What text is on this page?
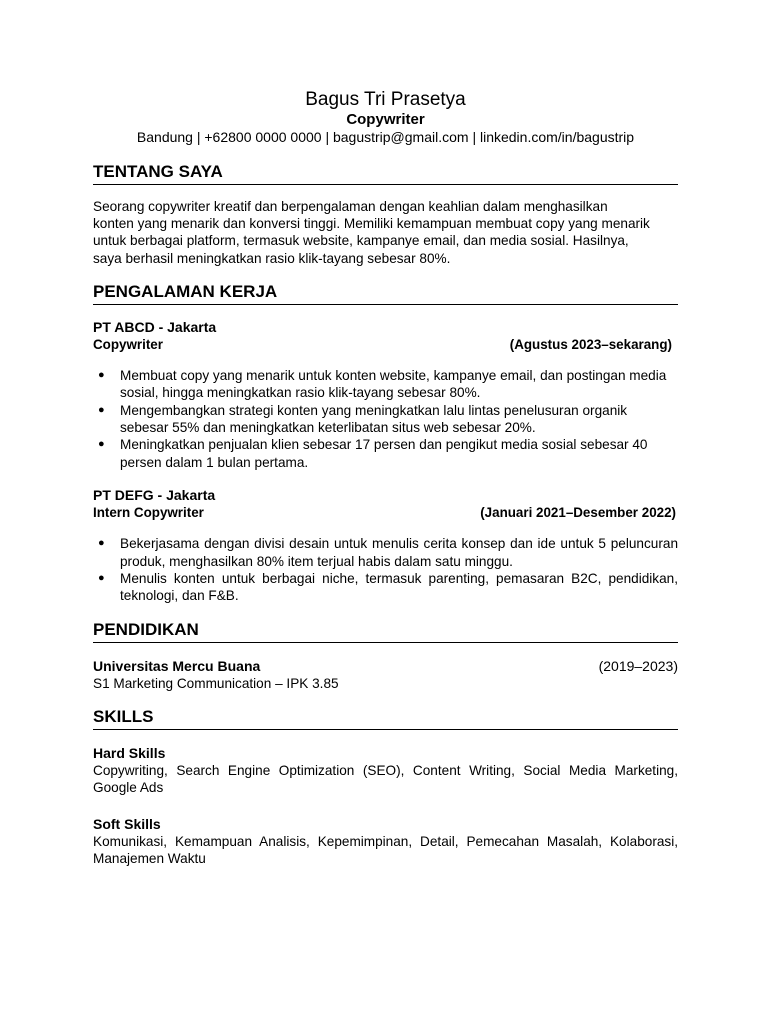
Bagus Tri Prasetya
Copywriter
Bandung | +62800 0000 0000 | bagustrip@gmail.com | linkedin.com/in/bagustrip
TENTANG SAYA

Seorang copywriter kreatif dan berpengalaman dengan keahlian dalam menghasilkan
konten yang menarik dan konversi tinggi. Memiliki kemampuan membuat copy yang menarik
untuk berbagai platform, termasuk website, kampanye email, dan media sosial. Hasilnya,
saya berhasil meningkatkan rasio klik-tayang sebesar 80%.

PENGALAMAN KERJA
PT ABCD - Jakarta
Copywriter	(Agustus 2023–sekarang)
● Membuat copy yang menarik untuk konten website, kampanye email, dan postingan media sosial, hingga meningkatkan rasio klik-tayang sebesar 80%.
● Mengembangkan strategi konten yang meningkatkan lalu lintas penelusuran organik sebesar 55% dan meningkatkan keterlibatan situs web sebesar 20%.
● Meningkatkan penjualan klien sebesar 17 persen dan pengikut media sosial sebesar 40 persen dalam 1 bulan pertama.
PT DEFG - Jakarta
Intern Copywriter	(Januari 2021–Desember 2022)
● Bekerjasama dengan divisi desain untuk menulis cerita konsep dan ide untuk 5 peluncuran produk, menghasilkan 80% item terjual habis dalam satu minggu.
● Menulis konten untuk berbagai niche, termasuk parenting, pemasaran B2C, pendidikan, teknologi, dan F&B.
PENDIDIKAN
Universitas Mercu Buana	(2019–2023)
S1 Marketing Communication – IPK 3.85
SKILLS
Hard Skills
Copywriting, Search Engine Optimization (SEO), Content Writing, Social Media Marketing, Google Ads
Soft Skills
Komunikasi, Kemampuan Analisis, Kepemimpinan, Detail, Pemecahan Masalah, Kolaborasi, Manajemen Waktu
